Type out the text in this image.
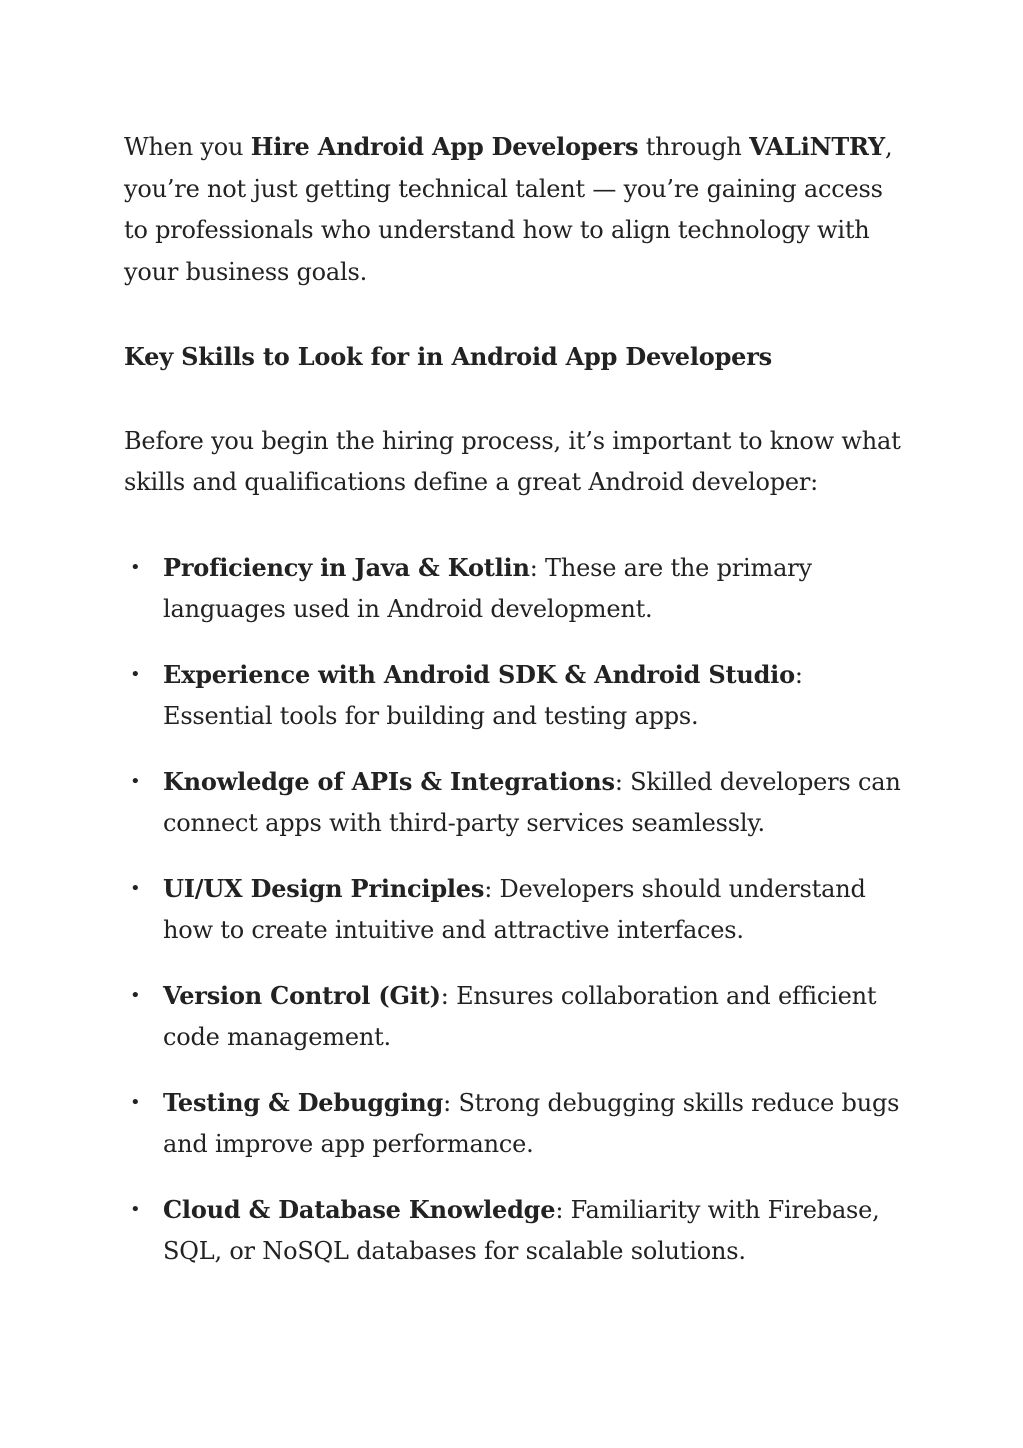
When you Hire Android App Developers through VALiNTRY, you’re not just getting technical talent — you’re gaining access to professionals who understand how to align technology with your business goals.

Key Skills to Look for in Android App Developers

Before you begin the hiring process, it’s important to know what skills and qualifications define a great Android developer:

• Proficiency in Java & Kotlin: These are the primary languages used in Android development.
• Experience with Android SDK & Android Studio: Essential tools for building and testing apps.
• Knowledge of APIs & Integrations: Skilled developers can connect apps with third-party services seamlessly.
• UI/UX Design Principles: Developers should understand how to create intuitive and attractive interfaces.
• Version Control (Git): Ensures collaboration and efficient code management.
• Testing & Debugging: Strong debugging skills reduce bugs and improve app performance.
• Cloud & Database Knowledge: Familiarity with Firebase, SQL, or NoSQL databases for scalable solutions.
